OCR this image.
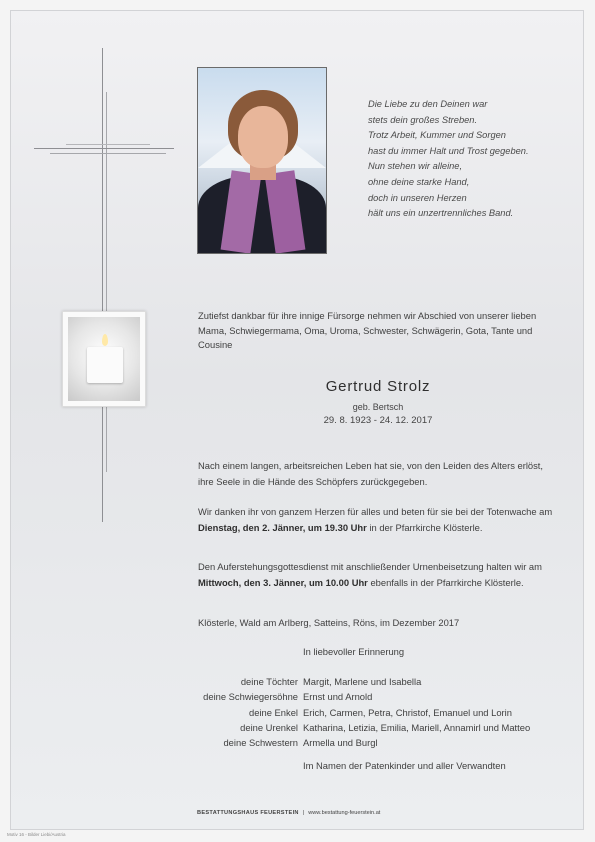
Die Liebe zu den Deinen war
stets dein großes Streben.
Trotz Arbeit, Kummer und Sorgen
hast du immer Halt und Trost gegeben.
Nun stehen wir alleine,
ohne deine starke Hand,
doch in unseren Herzen
hält uns ein unzertrennliches Band.
Zutiefst dankbar für ihre innige Fürsorge nehmen wir Abschied von unserer lieben Mama, Schwiegermama, Oma, Uroma, Schwester, Schwägerin, Gota, Tante und Cousine
Gertrud Strolz
geb. Bertsch
29. 8. 1923 - 24. 12. 2017
Nach einem langen, arbeitsreichen Leben hat sie, von den Leiden des Alters erlöst, ihre Seele in die Hände des Schöpfers zurückgegeben.
Wir danken ihr von ganzem Herzen für alles und beten für sie bei der Totenwache am Dienstag, den 2. Jänner, um 19.30 Uhr in der Pfarrkirche Klösterle.
Den Auferstehungsgottesdienst mit anschließender Urnenbeisetzung halten wir am Mittwoch, den 3. Jänner, um 10.00 Uhr ebenfalls in der Pfarrkirche Klösterle.
Klösterle, Wald am Arlberg, Satteins, Röns, im Dezember 2017
In liebevoller Erinnerung
deine Töchter
deine Schwiegersöhne
deine Enkel
deine Urenkel
deine Schwestern
Margit, Marlene und Isabella
Ernst und Arnold
Erich, Carmen, Petra, Christof, Emanuel und Lorin
Katharina, Letizia, Emilia, Mariell, Annamirl und Matteo
Armella und Burgl
Im Namen der Patenkinder und aller Verwandten
BESTATTUNGSHAUS FEUERSTEIN | www.bestattung-feuerstein.at
Motiv 16 - Bilder Liebi/Austria
